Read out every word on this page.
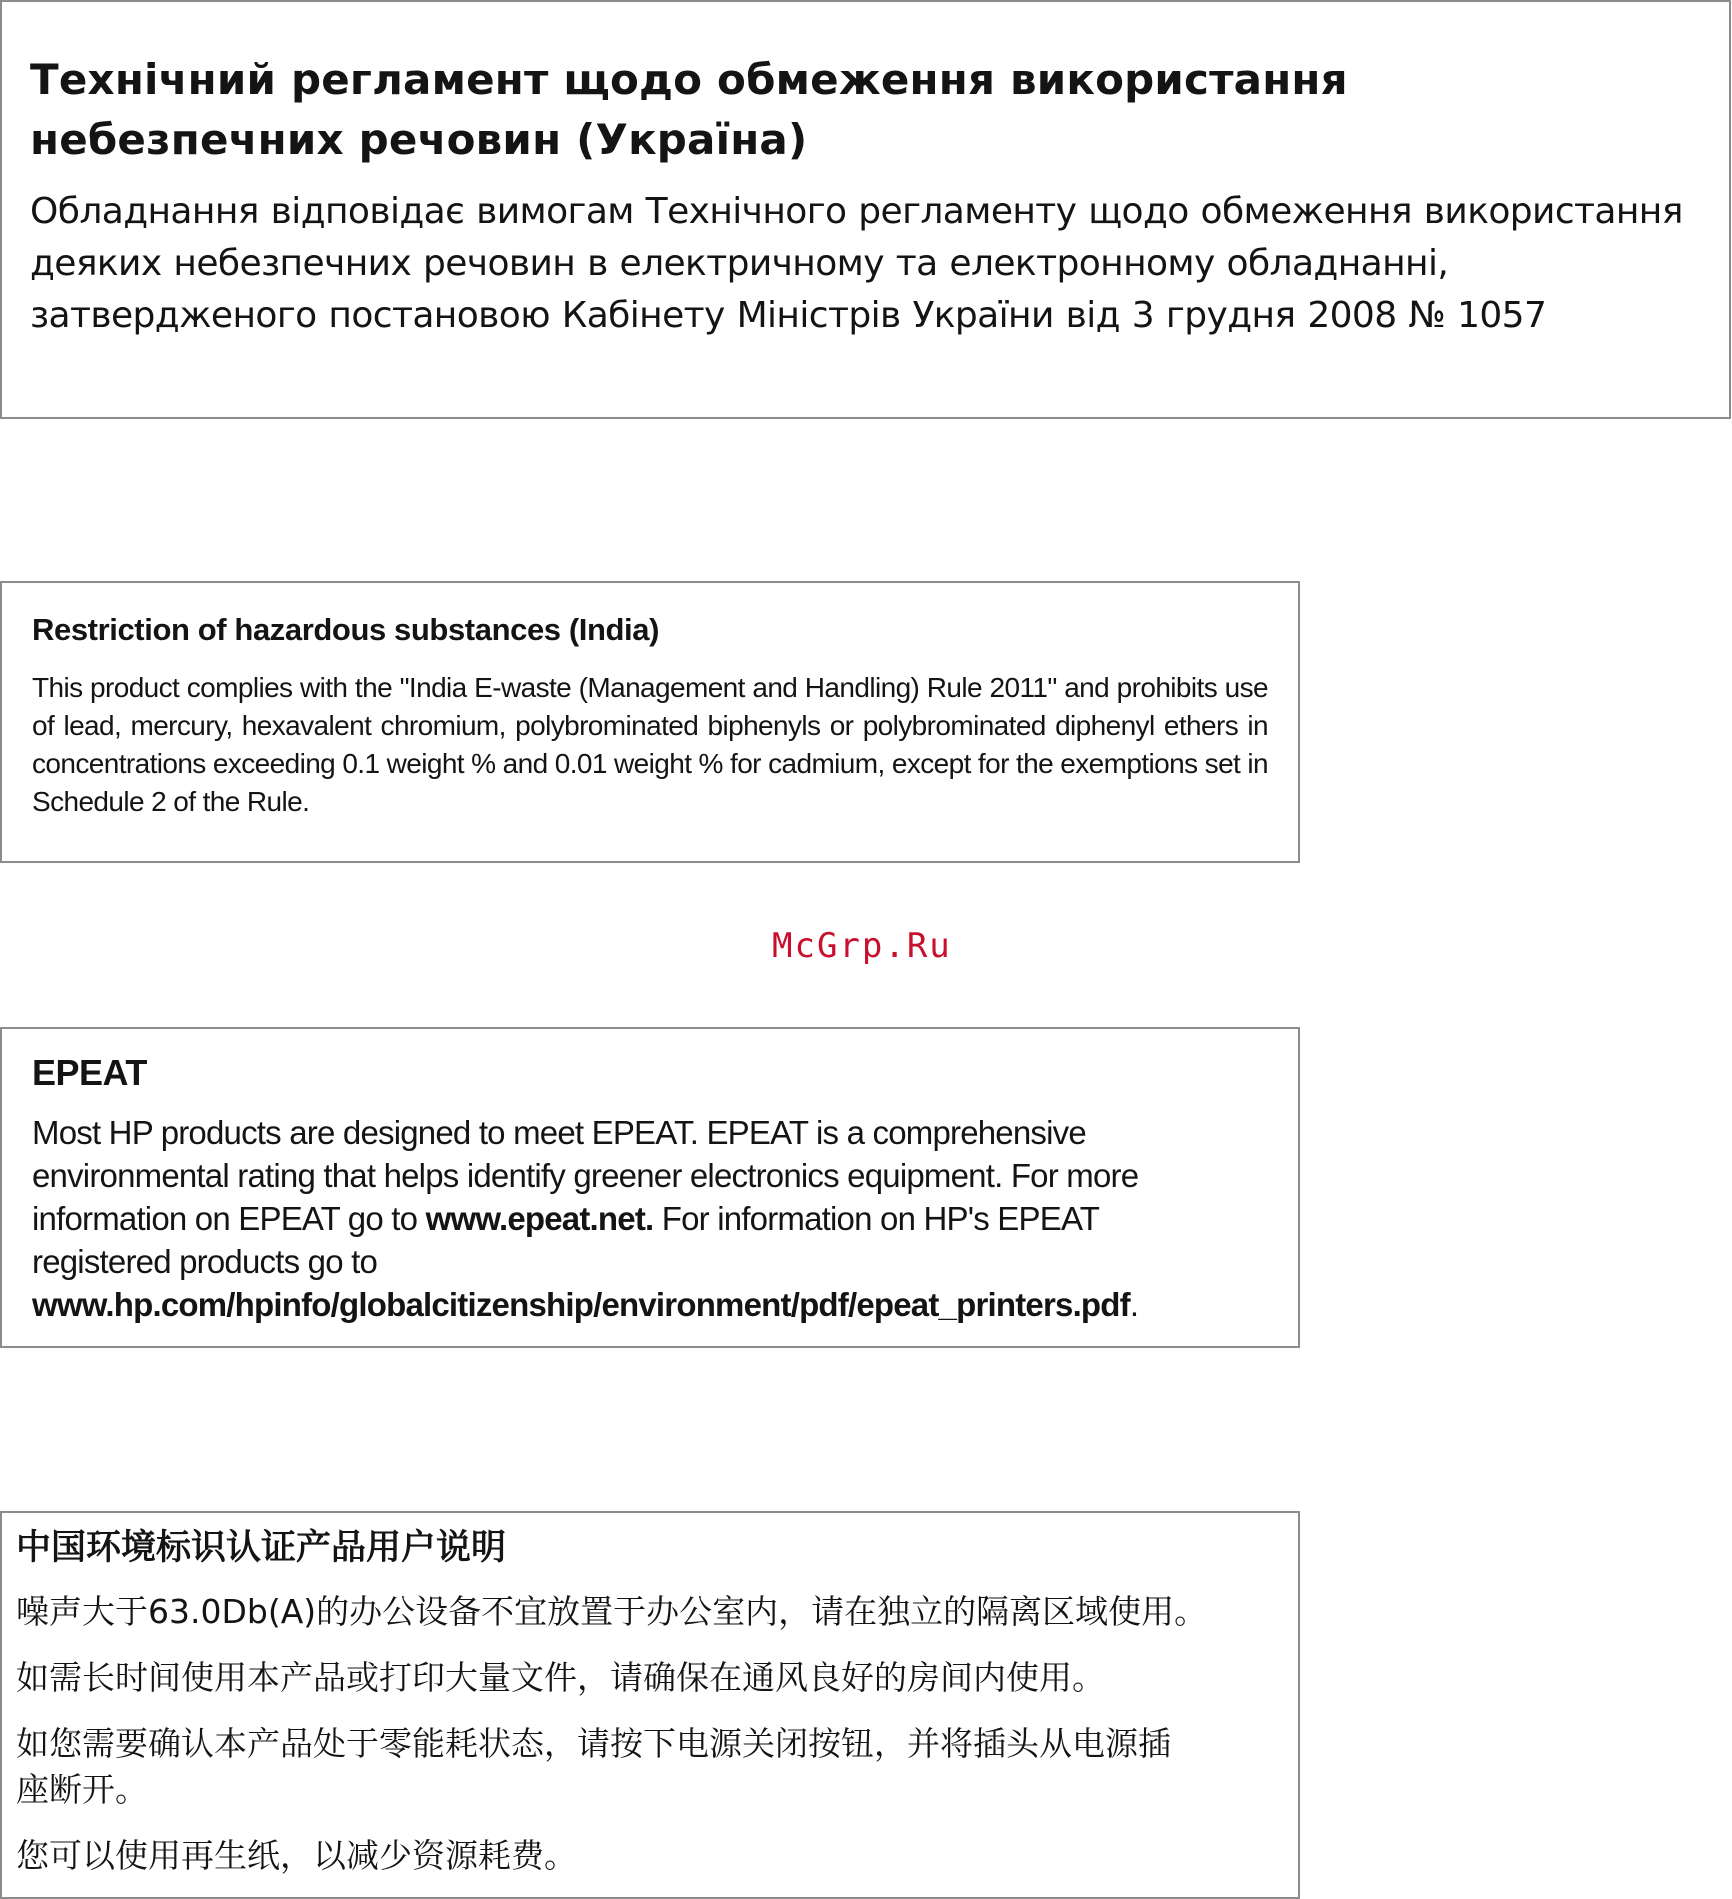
Технічний регламент щодо обмеження використання
небезпечних речовин (Україна)

Обладнання відповідає вимогам Технічного регламенту щодо обмеження використання
деяких небезпечних речовин в електричному та електронному обладнанні,
затвердженого постановою Кабінету Міністрів України від 3 грудня 2008 № 1057

Restriction of hazardous substances (India)

This product complies with the "India E-waste (Management and Handling) Rule 2011" and prohibits use of lead, mercury, hexavalent chromium, polybrominated biphenyls or polybrominated diphenyl ethers in concentrations exceeding 0.1 weight % and 0.01 weight % for cadmium, except for the exemptions set in Schedule 2 of the Rule.

McGrp.Ru
EPEAT

Most HP products are designed to meet EPEAT. EPEAT is a comprehensive
environmental rating that helps identify greener electronics equipment. For more
information on EPEAT go to www.epeat.net. For information on HP's EPEAT
registered products go to
www.hp.com/hpinfo/globalcitizenship/environment/pdf/epeat_printers.pdf.

中国环境标识认证产品用户说明

噪声大于63.0Db(A)的办公设备不宜放置于办公室内，请在独立的隔离区域使用。

如需长时间使用本产品或打印大量文件，请确保在通风良好的房间内使用。

如您需要确认本产品处于零能耗状态，请按下电源关闭按钮，并将插头从电源插
座断开。

您可以使用再生纸，以减少资源耗费。
